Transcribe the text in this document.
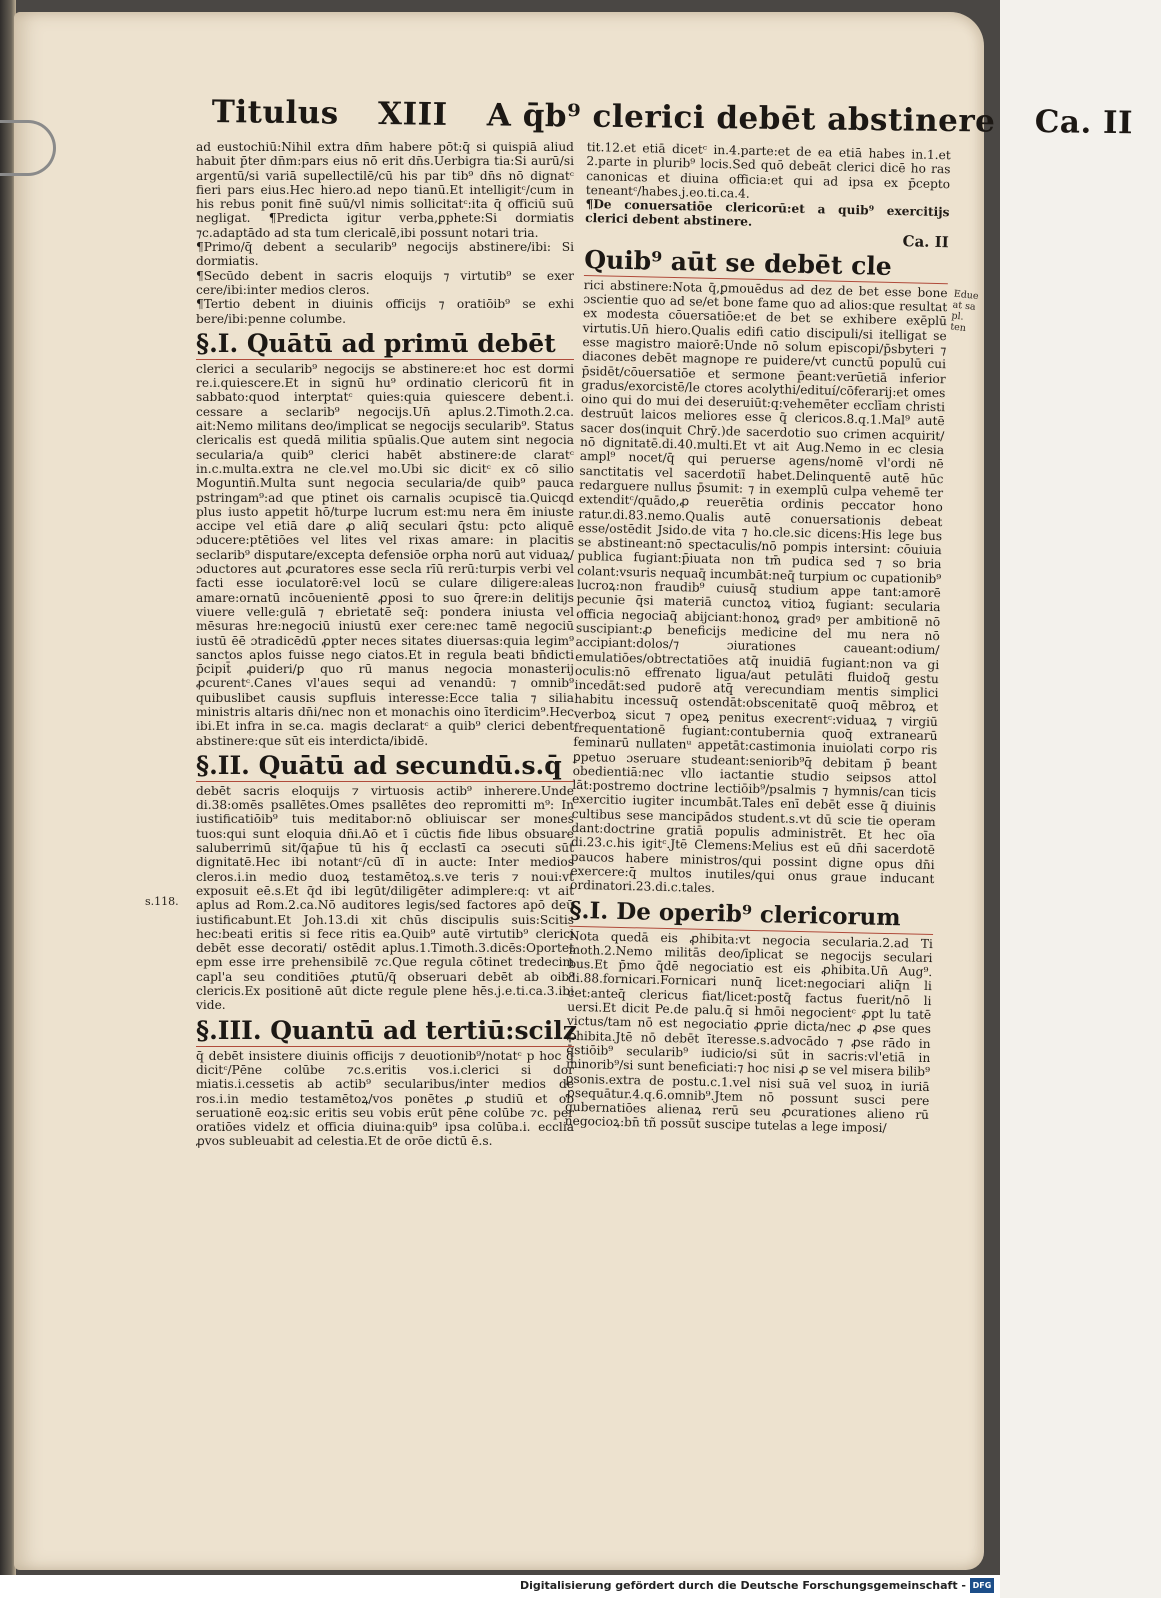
Titulus XIII A q̄b⁹ clerici debēt abstinere Ca. II

ad eustochiū:Nihil extra dn̄m habere pōt:q̄ si quispiā aliud habuit p̄ter dn̄m:pars eius nō erit dn̄s.Uerbigra tia:Si aurū/si argentū/si variā supellectilē/cū his par tib⁹ dn̄s nō dignatᶜ fieri pars eius.Hec hiero.ad nepo tianū.Et intelligitᶜ/cum in his rebus ponit finē suū/vl nimis sollicitatᶜ:ita q̄ officiū suū negligat. ¶Predicta igitur verba,ꝑphete:Si dormiatis ⁊c.adaptādo ad sta tum clericalē,ibi possunt notari tria.

¶Primo/q̄ debent a secularib⁹ negocijs abstinere/ibi: Si dormiatis.

¶Secūdo debent in sacris eloquijs ⁊ virtutib⁹ se exer cere/ibi:inter medios cleros.

¶Tertio debent in diuinis officijs ⁊ oratiōib⁹ se exhi bere/ibi:penne columbe.

§.I. Quātū ad primū debēt

clerici a secularib⁹ negocijs se abstinere:et hoc est dormi re.i.quiescere.Et in signū hu⁹ ordinatio clericorū fit in sabbato:quod interptatᶜ quies:quia quiescere debent.i. cessare a seclarib⁹ negocijs.Un̄ aplus.2.Timoth.2.ca. ait:Nemo militans deo/implicat se negocijs secularib⁹. Status clericalis est quedā militia spūalis.Que autem sint negocia secularia/a quib⁹ clerici habēt abstinere:de claratᶜ in.c.multa.extra ne cle.vel mo.Ubi sic dicitᶜ ex cō silio Moguntin̄.Multa sunt negocia secularia/de quib⁹ pauca pstringam⁹:ad que ptinet ois carnalis ɔcupiscē tia.Quicqd plus iusto appetit hō/turpe lucrum est:mu nera ēm iniuste accipe vel etiā dare ꝓ aliq̄ seculari q̄stu: pcto aliquē ɔducere:ptētiōes vel lites vel rixas amare: in placitis seclarib⁹ disputare/excepta defensiōe orpha norū aut viduaꝝ/ɔductores aut ꝓcuratores esse secla rīū rerū:turpis verbi vel facti esse ioculatorē:vel locū se culare diligere:aleas amare:ornatū incōuenientē ꝓposi to suo q̄rere:in delitijs viuere velle:gulā ⁊ ebrietatē seq̄: pondera iniusta vel mēsuras hre:negociū iniustū exer cere:nec tamē negociū iustū ēē ɔtradicēdū ꝓpter neces sitates diuersas:quia legim⁹ sanctos aplos fuisse nego ciatos.Et in regula beati bn̄dicti p̄cipit̄ ꝓuideri/ꝑ quo rū manus negocia monasterij ꝓcurentᶜ.Canes vl'aues sequi ad venandū: ⁊ omnib⁹ quibuslibet causis supfluis interesse:Ecce talia ⁊ silia ministris altaris dn̄i/nec non et monachis oino īterdicim⁹.Hec ibi.Et infra in se.ca. magis declaratᶜ a quib⁹ clerici debent abstinere:que sūt eis interdicta/ibidē.

§.II. Quātū ad secundū.s.q̄

debēt sacris eloquijs ⁊ virtuosis actib⁹ inherere.Unde di.38:omēs psallētes.Omes psallētes deo repromitti m⁹: In iustificatiōib⁹ tuis meditabor:nō obliuiscar ser mones tuos:qui sunt eloquia dn̄i.Aō et ī cūctis fide libus obsuare saluberrimū sit/q̄ap̄ue tū his q̄ ecclastī ca ɔsecuti sūt dignitatē.Hec ibi notantᶜ/cū dī in aucte: Inter medios cleros.i.in medio duoꝝ testamētoꝝ.s.ve teris ⁊ noui:vt exposuit eē.s.Et q̄d ibi legūt/diligēter adimplere:q: vt ait aplus ad Rom.2.ca.Nō auditores legis/sed factores apō deū iustificabunt.Et Joh.13.di xit chūs discipulis suis:Scitis hec:beati eritis si fece ritis ea.Quib⁹ autē virtutib⁹ clerici debēt esse decorati/ ostēdit aplus.1.Timoth.3.dicēs:Oportet epm esse irre prehensibilē ⁊c.Que regula cōtinet tredecim capl'a seu conditiōes ꝓtutū/q̄ obseruari debēt ab oib⁹ clericis.Ex positionē aūt dicte regule plene hēs.j.e.ti.ca.3.ibi vide.

§.III. Quantū ad tertiū:scilz

q̄ debēt insistere diuinis officijs ⁊ deuotionib⁹/notatᶜ p hoc q̄ dicitᶜ/Pēne colūbe ⁊c.s.eritis vos.i.clerici si dor miatis.i.cessetis ab actib⁹ secularibus/inter medios de ros.i.in medio testamētoꝝ/vos ponētes ꝓ studiū et ob seruationē eoꝝ:sic eritis seu vobis erūt pēne colūbe ⁊c. per oratiōes videlz et officia diuina:quib⁹ ipsa colūba.i. ecclia ꝓvos subleuabit ad celestia.Et de orōe dictū ē.s.

tit.12.et etiā dicetᶜ in.4.parte:et de ea etiā habes in.1.et 2.parte in plurib⁹ locis.Sed quō debeāt clerici dicē ho ras canonicas et diuina officia:et qui ad ipsa ex p̄cepto teneantᶜ/habes.j.eo.ti.ca.4.

¶De conuersatiōe clericorū:et a quib⁹ exercitijs clerici debent abstinere.

Ca. II

Quib⁹ aūt se debēt cle

rici abstinere:Nota q̄,ꝑmouēdus ad dez de bet esse bone ɔscientie quo ad se/et bone fame quo ad alios:que resultat ex modesta cōuersatiōe:et de bet se exhibere exēplū virtutis.Un̄ hiero.Qualis edifi catio discipuli/si itelligat se esse magistro maiorē:Unde nō solum episcopi/p̄sbyteri ⁊ diacones debēt magnope re puidere/vt cunctū populū cui p̄sidēt/cōuersatiōe et sermone p̄eant:verūetiā inferior gradus/exorcistē/le ctores acolythi/edituí/cōferarij:et omes oino qui do mui dei deseruiūt:q:vehemēter ecclīam christi destruūt laicos meliores esse q̄ clericos.8.q.1.Mal⁹ autē sacer dos(inquit Chrȳ.)de sacerdotio suo crimen acquirit/ nō dignitatē.di.40.multi.Et vt ait Aug.Nemo in ec clesia ampl⁹ nocet/q̄ qui peruerse agens/nomē vl'ordi nē sanctitatis vel sacerdotiī habet.Delinquentē autē hūc redarguere nullus p̄sumit: ⁊ in exemplū culpa vehemē ter extenditᶜ/quādo,ꝓ reuerētia ordinis peccator hono ratur.di.83.nemo.Qualis autē conuersationis debeat esse/ostēdit Jsido.de vita ⁊ ho.cle.sic dicens:His lege bus se abstineant:nō spectaculis/nō pompis intersint: cōuiuia publica fugiant:p̄iuata non tm̄ pudica sed ⁊ so bria colant:vsuris nequaq̄ incumbāt:neq̄ turpium oc cupationib⁹ lucroꝝ:non fraudib⁹ cuiusq̄ studium appe tant:amorē pecunie q̄si materiā cunctoꝝ vitioꝝ fugiant: secularia officia negociaq̄ abijciant:honoꝝ gradꝰ per ambitionē nō suscipiant:ꝓ beneficijs medicine del mu nera nō accipiant:dolos/⁊ ɔiurationes caueant:odium/ emulatiōes/obtrectatiōes atq̄ inuidiā fugiant:non va gi oculis:nō effrenato ligua/aut petulāti fluidoq̄ gestu incedāt:sed pudorē atq̄ verecundiam mentis simplici habitu incessuq̄ ostendāt:obscenitatē quoq̄ mēbroꝝ et verboꝝ sicut ⁊ opeꝝ penitus execrentᶜ:viduaꝝ ⁊ virgiū frequentationē fugiant:contubernia quoq̄ extranearū feminarū nullatenᵘ appetāt:castimonia inuiolati corpo ris ꝑpetuo ɔseruare studeant:seniorib⁹q̄ debitam p̄ beant obedientiā:nec vllo iactantie studio seipsos attol lāt:postremo doctrine lectiōib⁹/psalmis ⁊ hymnis/can ticis exercitio iugiter incumbāt.Tales enī debēt esse q̄ diuinis cultibus sese mancipādos student.s.vt dū scie tie operam dant:doctrine gratiā populis administrēt. Et hec oīa di.23.c.his igitᶜ.Jtē Clemens:Melius est eū dn̄i sacerdotē paucos habere ministros/qui possint digne opus dn̄i exercere:q̄ multos inutiles/qui onus graue inducant ordinatori.23.di.c.tales.

§.I. De operib⁹ clericorum

Nota quedā eis ꝓhibita:vt negocia secularia.2.ad Ti moth.2.Nemo militās deo/īplicat se negocijs seculari bus.Et p̄mo q̄dē negociatio est eis ꝓhibita.Un̄ Aug⁹. di.88.fornicari.Fornicari nunq̄ licet:negociari aliq̄n li cet:anteq̄ clericus fiat/licet:postq̄ factus fuerit/nō li uersi.Et dicit Pe.de palu.q̄ si hmōi negocientᶜ ꝓpt lu tatē victus/tam nō est negociatio ꝓprie dicta/nec ꝓ ꝓse ques ꝓhibita.Jtē nō debēt īteresse.s.advocādo ⁊ ꝓse rādo in q̄stiōib⁹ secularib⁹ iudicio/si sūt in sacris:vl'etiā in minorib⁹/si sunt beneficiati:⁊ hoc nisi ꝓ se vel misera bilib⁹ ꝑsonis.extra de postu.c.1.vel nisi suā vel suoꝝ in iuriā ꝓsequātur.4.q.6.omnib⁹.Jtem nō possunt susci pere gubernatiōes alienaꝝ rerū seu ꝓcurationes alieno rū negocioꝝ:bn̄ tñ possūt suscipe tutelas a lege imposi/

s.118.
Edue at sa pl. ten
Digitalisierung gefördert durch die Deutsche Forschungsgemeinschaft - DFG
